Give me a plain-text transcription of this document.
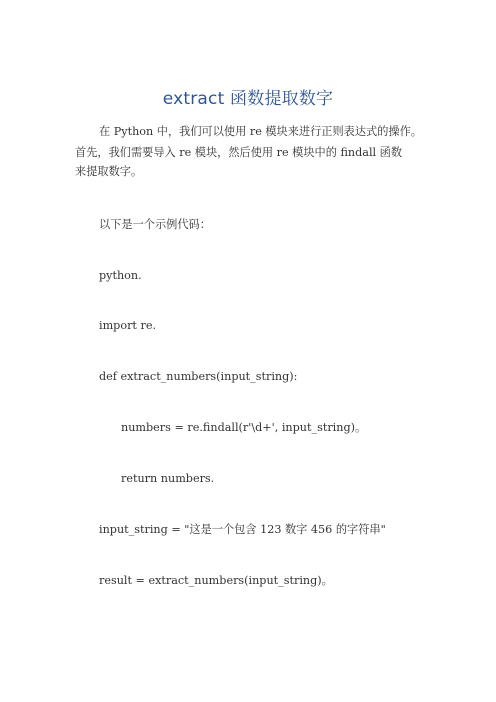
extract 函数提取数字
在 Python 中，我们可以使用 re 模块来进行正则表达式的操作。
首先，我们需要导入 re 模块，然后使用 re 模块中的 findall 函数
来提取数字。
以下是一个示例代码：
python.
import re.
def extract_numbers(input_string):
numbers = re.findall(r'\d+', input_string)。
return numbers.
input_string = "这是一个包含 123 数字 456 的字符串"
result = extract_numbers(input_string)。
